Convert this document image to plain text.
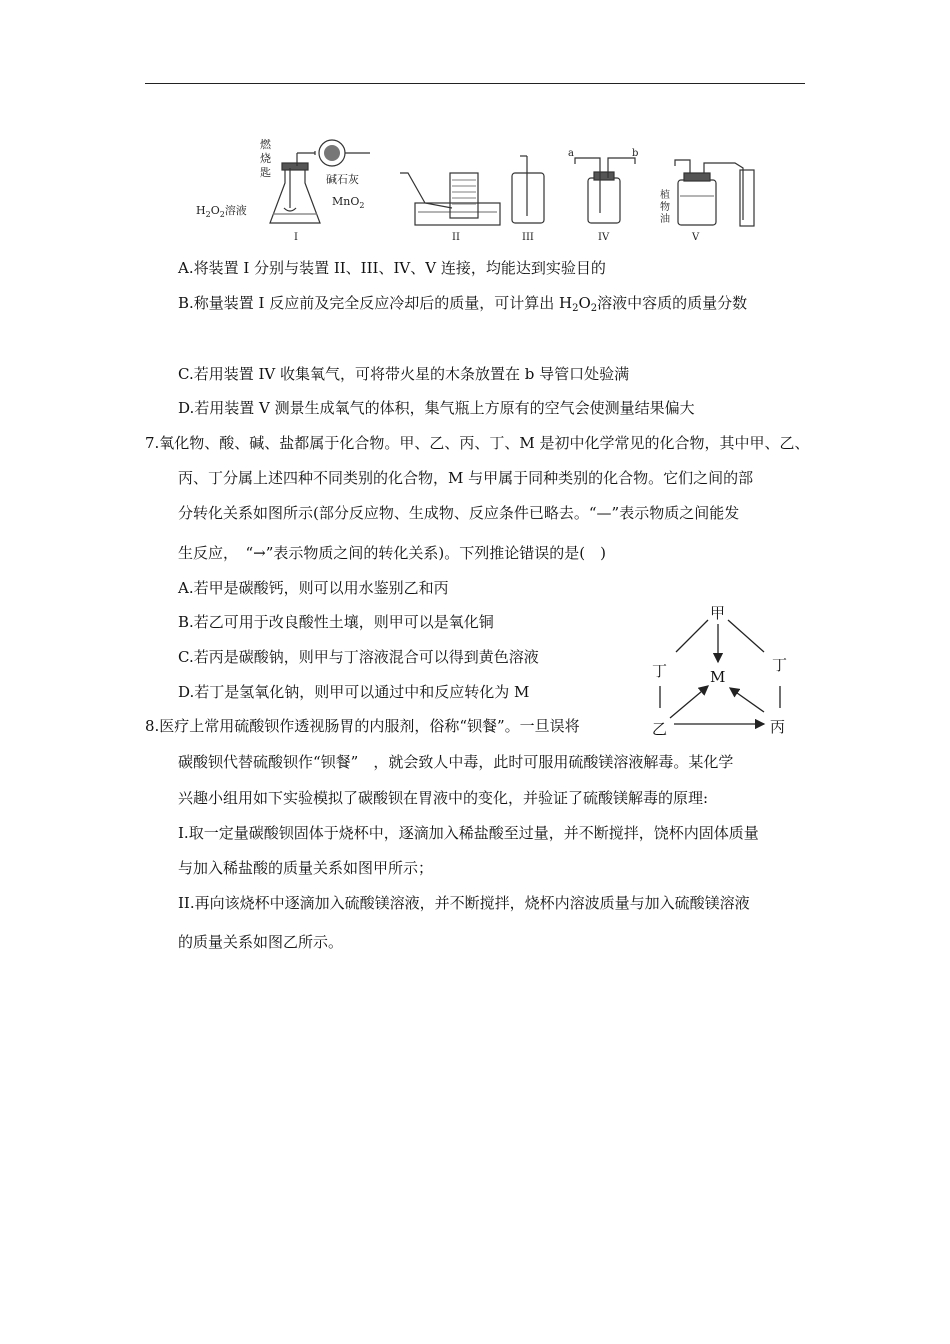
燃
烧
匙
碱石灰
$H_2O_2$溶液
MnO$_2$
a	b
植
物
油
I	II	III	IV	V
A.将装置 I 分别与装置 II、III、IV、V 连接，均能达到实验目的
B.称量装置 I 反应前及完全反应冷却后的质量，可计算出 $H_2O_2$溶液中容质的质量分数
C.若用装置 IV 收集氧气，可将带火星的木条放置在 b 导管口处验满
D.若用装置 V 测景生成氧气的体积，集气瓶上方原有的空气会使测量结果偏大
7.氧化物、酸、碱、盐都属于化合物。甲、乙、丙、丁、M 是初中化学常见的化合物，其中甲、乙、
丙、丁分属上述四种不同类别的化合物，M 与甲属于同种类别的化合物。它们之间的部
分转化关系如图所示(部分反应物、生成物、反应条件已略去。“—”表示物质之间能发
生反应，　“→”表示物质之间的转化关系)。下列推论错误的是(　)
A.若甲是碳酸钙，则可以用水鉴别乙和丙
B.若乙可用于改良酸性土壤，则甲可以是氧化铜
C.若丙是碳酸钠，则甲与丁溶液混合可以得到黄色溶液
D.若丁是氢氧化钠，则甲可以通过中和反应转化为 M
甲
M
丁	丁
乙	丙
8.医疗上常用硫酸钡作透视肠胃的内服剂，俗称“钡餐”。一旦误将
碳酸钡代替硫酸钡作“钡餐”　，就会致人中毒，此时可服用硫酸镁溶液解毒。某化学
兴趣小组用如下实验模拟了碳酸钡在胃液中的变化，并验证了硫酸镁解毒的原理:
I.取一定量碳酸钡固体于烧杯中，逐滴加入稀盐酸至过量，并不断搅拌，饶杯内固体质量
与加入稀盐酸的质量关系如图甲所示；
II.再向该烧杯中逐滴加入硫酸镁溶液，并不断搅拌，烧杯内溶波质量与加入硫酸镁溶液
的质量关系如图乙所示。
